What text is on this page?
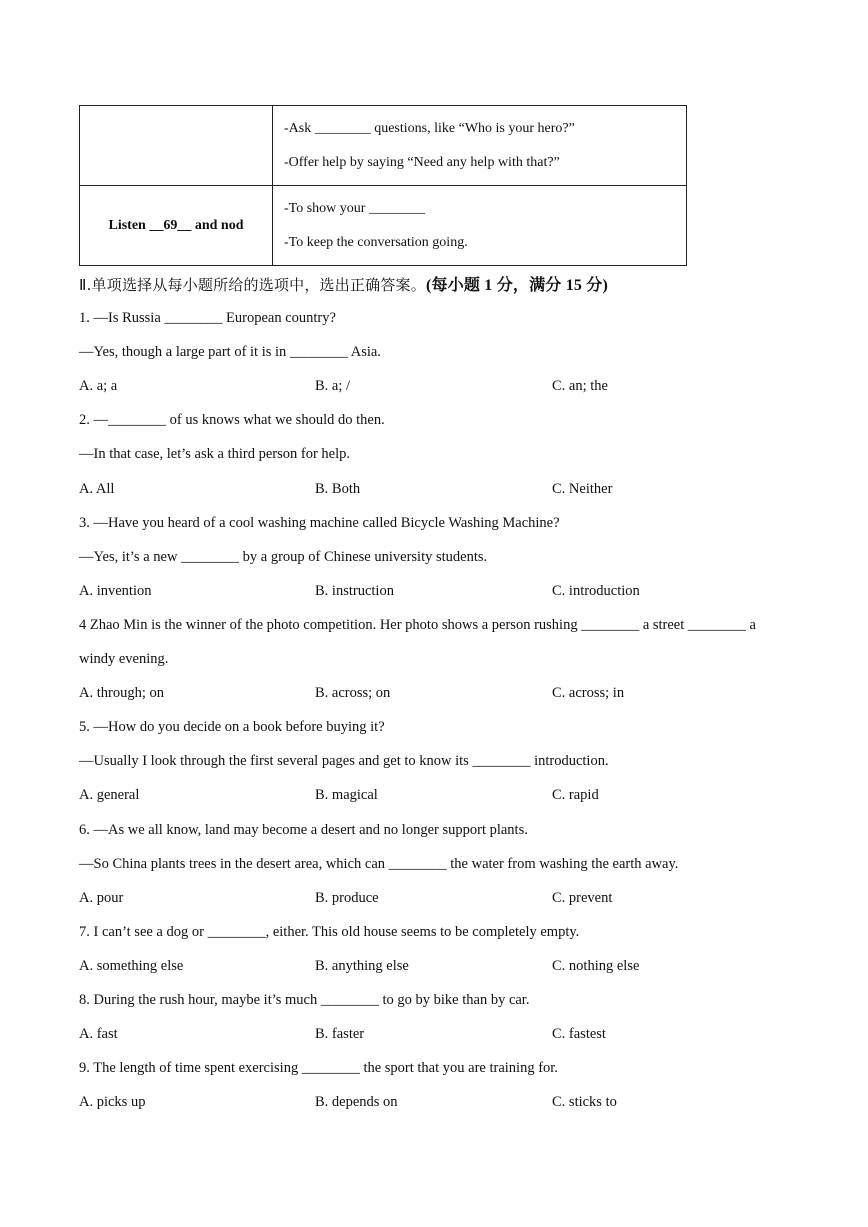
	-Ask ________ questions, like “Who is your hero?”
-Offer help by saying “Need any help with that?”

Listen __69__ and nod	-To show your ________
-To keep the conversation going.
Ⅱ.单项选择从每小题所给的选项中，选出正确答案。(每小题 1 分，满分 15 分)
1. —Is Russia ________ European country?
—Yes, though a large part of it is in ________ Asia.
A. a; a	B. a; /	C. an; the
2. —________ of us knows what we should do then.
—In that case, let’s ask a third person for help.
A. All	B. Both	C. Neither
3. —Have you heard of a cool washing machine called Bicycle Washing Machine?
—Yes, it’s a new ________ by a group of Chinese university students.
A. invention	B. instruction	C. introduction
4 Zhao Min is the winner of the photo competition. Her photo shows a person rushing ________ a street ________ a
windy evening.
A. through; on	B. across; on	C. across; in
5. —How do you decide on a book before buying it?
—Usually I look through the first several pages and get to know its ________ introduction.
A. general	B. magical	C. rapid
6. —As we all know, land may become a desert and no longer support plants.
—So China plants trees in the desert area, which can ________ the water from washing the earth away.
A. pour	B. produce	C. prevent
7. I can’t see a dog or ________, either. This old house seems to be completely empty.
A. something else	B. anything else	C. nothing else
8. During the rush hour, maybe it’s much ________ to go by bike than by car.
A. fast	B. faster	C. fastest
9. The length of time spent exercising ________ the sport that you are training for.
A. picks up	B. depends on	C. sticks to
